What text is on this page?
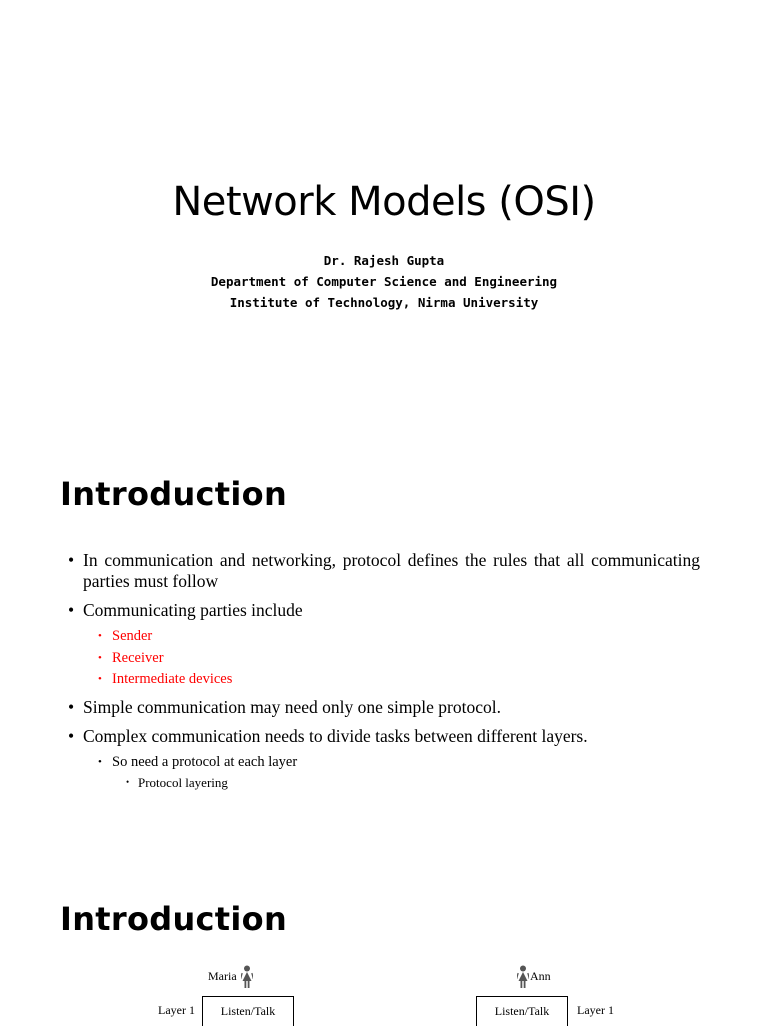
Network Models (OSI)
Dr. Rajesh Gupta
Department of Computer Science and Engineering
Institute of Technology, Nirma University
Introduction
• In communication and networking, protocol defines the rules that all communicating parties must follow
• Communicating parties include
• Sender
• Receiver
• Intermediate devices
• Simple communication may need only one simple protocol.
• Complex communication needs to divide tasks between different layers.
• So need a protocol at each layer
• Protocol layering
Introduction
Maria
Layer 1	Listen/Talk
Ann
Listen/Talk	Layer 1
